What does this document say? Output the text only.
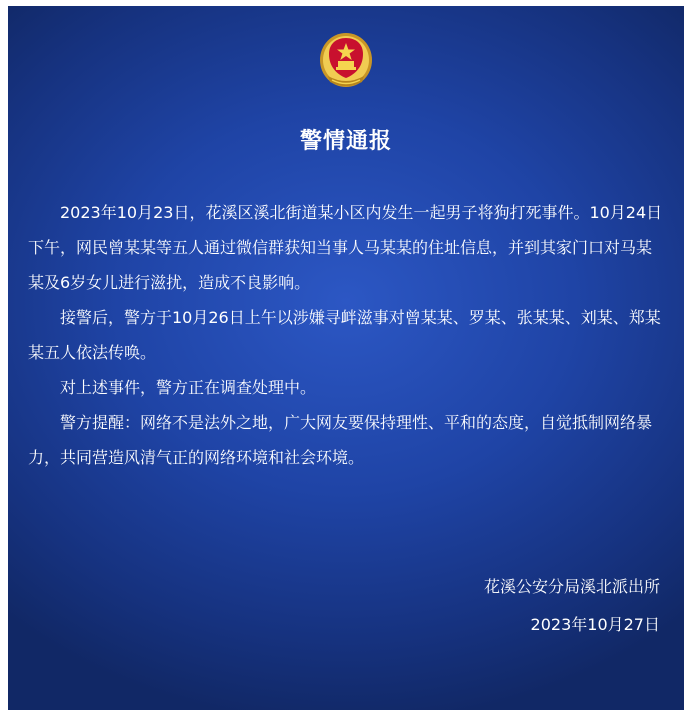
警情通报

2023年10月23日，花溪区溪北街道某小区内发生一起男子将狗打死事件。10月24日下午，网民曾某某等五人通过微信群获知当事人马某某的住址信息，并到其家门口对马某某及6岁女儿进行滋扰，造成不良影响。

接警后，警方于10月26日上午以涉嫌寻衅滋事对曾某某、罗某、张某某、刘某、郑某某五人依法传唤。

对上述事件，警方正在调查处理中。

警方提醒：网络不是法外之地，广大网友要保持理性、平和的态度，自觉抵制网络暴力，共同营造风清气正的网络环境和社会环境。

花溪公安分局溪北派出所
2023年10月27日
